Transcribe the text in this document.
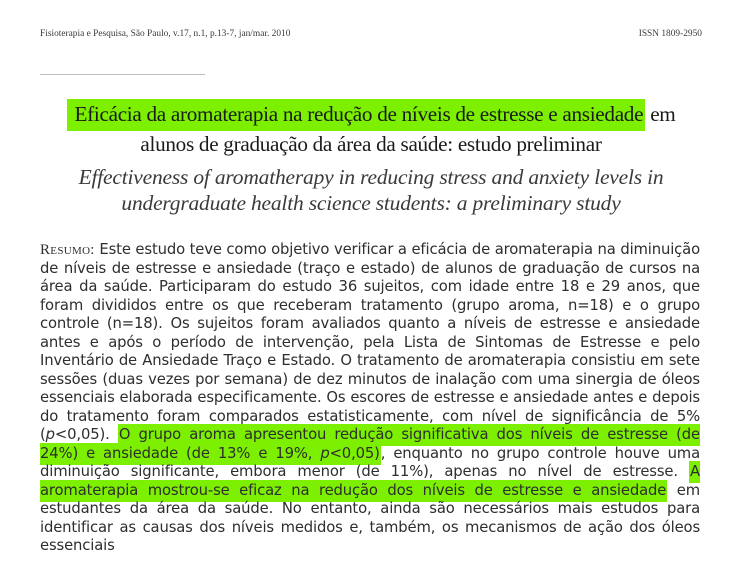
Fisioterapia e Pesquisa, São Paulo, v.17, n.1, p.13-7, jan/mar. 2010	ISSN 1809-2950
Eficácia da aromaterapia na redução de níveis de estresse e ansiedade em alunos de graduação da área da saúde: estudo preliminar
Effectiveness of aromatherapy in reducing stress and anxiety levels in undergraduate health science students: a preliminary study
Resumo: Este estudo teve como objetivo verificar a eficácia de aromaterapia na diminuição de níveis de estresse e ansiedade (traço e estado) de alunos de graduação de cursos na área da saúde. Participaram do estudo 36 sujeitos, com idade entre 18 e 29 anos, que foram divididos entre os que receberam tratamento (grupo aroma, n=18) e o grupo controle (n=18). Os sujeitos foram avaliados quanto a níveis de estresse e ansiedade antes e após o período de intervenção, pela Lista de Sintomas de Estresse e pelo Inventário de Ansiedade Traço e Estado. O tratamento de aromaterapia consistiu em sete sessões (duas vezes por semana) de dez minutos de inalação com uma sinergia de óleos essenciais elaborada especificamente. Os escores de estresse e ansiedade antes e depois do tratamento foram comparados estatisticamente, com nível de significância de 5% (p<0,05). O grupo aroma apresentou redução significativa dos níveis de estresse (de 24%) e ansiedade (de 13% e 19%, p<0,05), enquanto no grupo controle houve uma diminuição significante, embora menor (de 11%), apenas no nível de estresse. A aromaterapia mostrou-se eficaz na redução dos níveis de estresse e ansiedade em estudantes da área da saúde. No entanto, ainda são necessários mais estudos para identificar as causas dos níveis medidos e, também, os mecanismos de ação dos óleos essenciais
